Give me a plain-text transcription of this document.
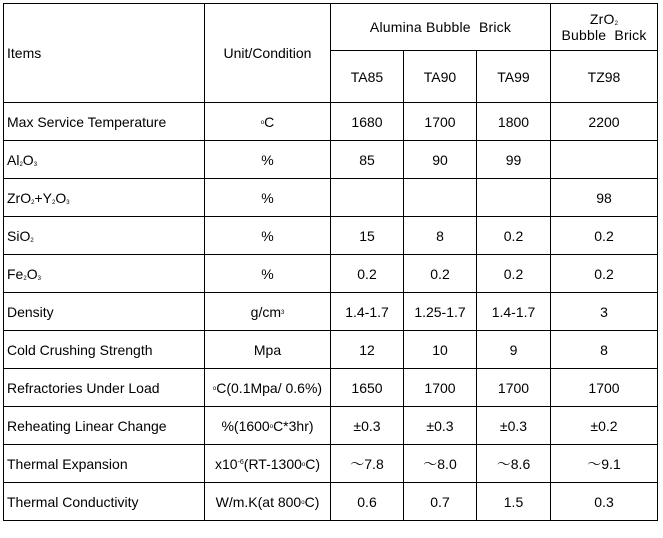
Items	Unit/Condition	Alumina Bubble  Brick			ZrO$_2$
Bubble  Brick
		TA85	TA90	TA99	TZ98
Max Service Temperature	$^o$C	1680	1700	1800	2200
$Al_2O_3$	%	85	90	99	
$ZrO_2+Y_2O_3$	%				98
SiO$_2$	%	15	8	0.2	0.2
$Fe_2O_3$	%	0.2	0.2	0.2	0.2
Density	$g/cm^3$	1.4-1.7	1.25-1.7	1.4-1.7	3
Cold Crushing Strength	Mpa	12	10	9	8
Refractories Under Load	$^o$C(0.1Mpa/ 0.6%)	1650	1700	1700	1700
Reheating Linear Change	$\%(1600^oC*3hr)$	±0.3	±0.3	±0.3	±0.2
Thermal Expansion	$x10^{-6}(RT-1300^oC)$	～7.8	～8.0	～8.6	～9.1
Thermal Conductivity	W/m.K(at 800$^o$C)	0.6	0.7	1.5	0.3
